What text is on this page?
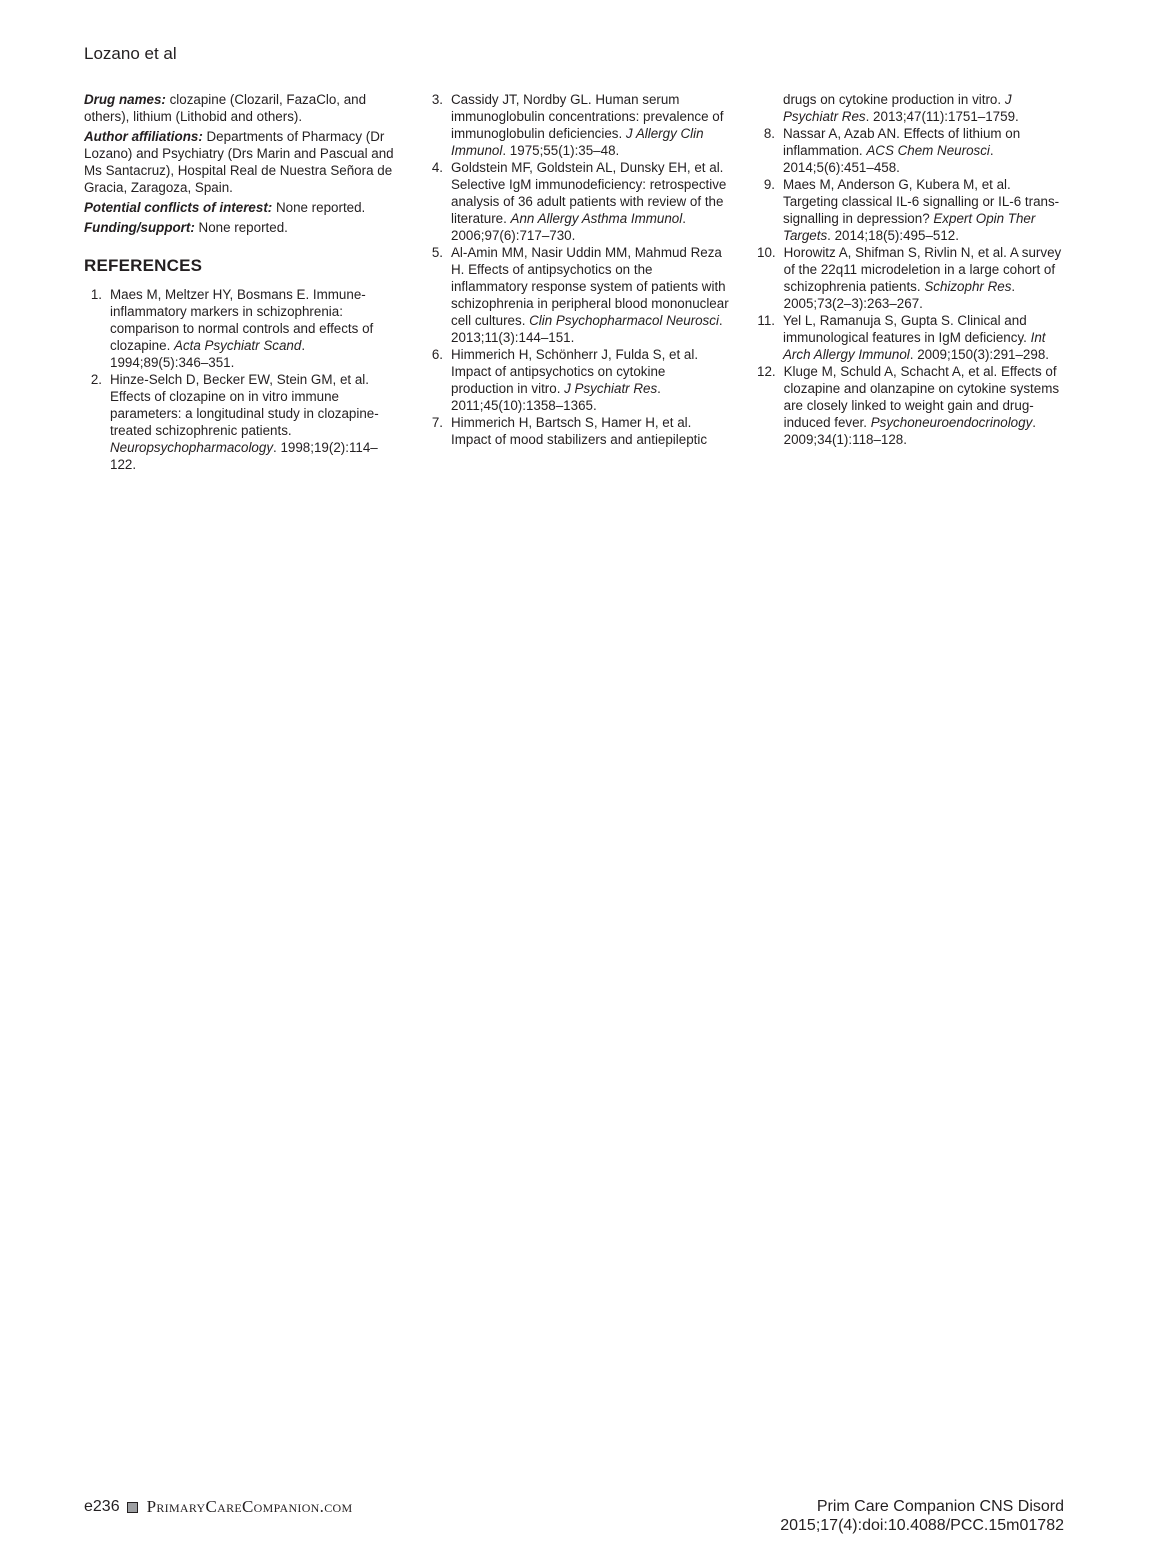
Lozano et al

Drug names: clozapine (Clozaril, FazaClo, and others), lithium (Lithobid and others).

Author affiliations: Departments of Pharmacy (Dr Lozano) and Psychiatry (Drs Marin and Pascual and Ms Santacruz), Hospital Real de Nuestra Señora de Gracia, Zaragoza, Spain.

Potential conflicts of interest: None reported.

Funding/support: None reported.

REFERENCES
1. Maes M, Meltzer HY, Bosmans E. Immune-inflammatory markers in schizophrenia: comparison to normal controls and effects of clozapine. Acta Psychiatr Scand. 1994;89(5):346–351.
2. Hinze-Selch D, Becker EW, Stein GM, et al. Effects of clozapine on in vitro immune parameters: a longitudinal study in clozapine-treated schizophrenic patients. Neuropsychopharmacology. 1998;19(2):114–122.
3. Cassidy JT, Nordby GL. Human serum immunoglobulin concentrations: prevalence of immunoglobulin deficiencies. J Allergy Clin Immunol. 1975;55(1):35–48.
4. Goldstein MF, Goldstein AL, Dunsky EH, et al. Selective IgM immunodeficiency: retrospective analysis of 36 adult patients with review of the literature. Ann Allergy Asthma Immunol. 2006;97(6):717–730.
5. Al-Amin MM, Nasir Uddin MM, Mahmud Reza H. Effects of antipsychotics on the inflammatory response system of patients with schizophrenia in peripheral blood mononuclear cell cultures. Clin Psychopharmacol Neurosci. 2013;11(3):144–151.
6. Himmerich H, Schönherr J, Fulda S, et al. Impact of antipsychotics on cytokine production in vitro. J Psychiatr Res. 2011;45(10):1358–1365.
7. Himmerich H, Bartsch S, Hamer H, et al. Impact of mood stabilizers and antiepileptic
drugs on cytokine production in vitro. J Psychiatr Res. 2013;47(11):1751–1759.
8. Nassar A, Azab AN. Effects of lithium on inflammation. ACS Chem Neurosci. 2014;5(6):451–458.
9. Maes M, Anderson G, Kubera M, et al. Targeting classical IL-6 signalling or IL-6 trans-signalling in depression? Expert Opin Ther Targets. 2014;18(5):495–512.
10. Horowitz A, Shifman S, Rivlin N, et al. A survey of the 22q11 microdeletion in a large cohort of schizophrenia patients. Schizophr Res. 2005;73(2–3):263–267.
11. Yel L, Ramanuja S, Gupta S. Clinical and immunological features in IgM deficiency. Int Arch Allergy Immunol. 2009;150(3):291–298.
12. Kluge M, Schuld A, Schacht A, et al. Effects of clozapine and olanzapine on cytokine systems are closely linked to weight gain and drug-induced fever. Psychoneuroendocrinology. 2009;34(1):118–128.
e236 PrimaryCareCompanion.com	Prim Care Companion CNS Disord
2015;17(4):doi:10.4088/PCC.15m01782
